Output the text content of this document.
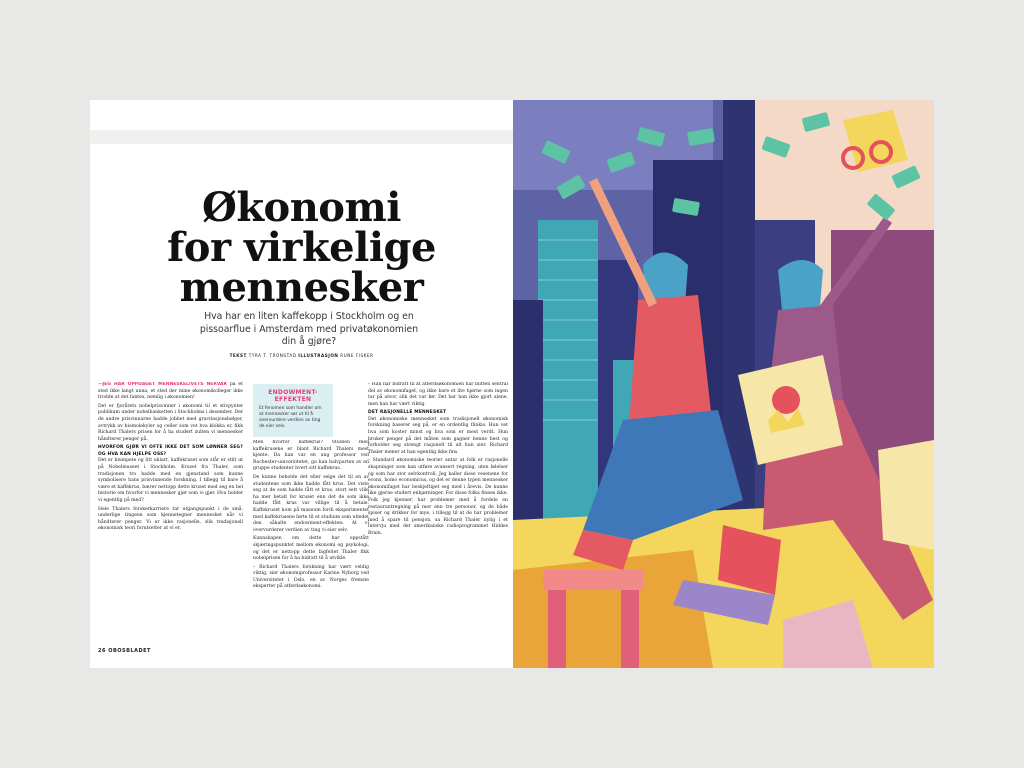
Økonomi
for virkelige
mennesker

Hva har en liten kaffekopp i Stockholm og en pissoarflue i Amsterdam med privatøkonomien din å gjøre?

TEKST TYRA T. TRONSTAD ILLUSTRASJON RUNE FISKER

—JEG HAR OPPDAGET MENNESKELIVETS NERVAR på et sted ikke langt unna, et sted der mine økonomikolleger ikke trodde at det fantes, nemlig i økonomien!

Det er fjorårets nobelprisvinner i økonomi til et stivpyntet publikum under nobelbanketten i Stockholms i desember. Der de andre prisvinnarne hadde jobbet med gravitasjonsbølger, avtrykk av biomolekyler og celler som vet hva klokka er, fikk Richard Thalers prisen for å ha studert zulten vi mennesker håndterer penger på.

HVORFOR GJØR VI OFTE IKKE DET SOM LØNNER SEG? OG HVA KAN HJELPE OSS?

Det er klumpete og litt uklart, kaffekruset som står er stilt ut på Nobelmuseet i Stockholm. Kruset fra Thaler, som tradisjonen tro hadde med en gjenstand som kunne symbolisere hans prisvinnende forskning. I tillegg til bare å være et kaffekrus, bærer nettopp dette kruset med seg en hel historie om hvorfor vi mennesker gjør som vi gjør. Hva holder vi egentlig på med?

Hele Thalers forskerkarriere tar utgangspunkt i de små, underlige tingene som kjennetegner mennesket når vi håndterer penger. Vi er ikke rasjonelle, slik tradisjonell økonomisk teori forutsetter at vi er.

ENDOWMENT-EFFEKTEN

Et fenomen som handler om at mennesker sør ut til å overvurdere verdien av ting de eier selv.

Men hvorfor kaffekrus? Studien med kaffekrusene er blant Richard Thalers mest kjente. Da han var en ung professor ved Rochester-universitetet, ga han halvparten av en gruppe studenter hvert sitt kaffekrus.

De kunne beholde det eller selge det til en av studentene som ikke hadde fått krus. Det viste seg at de som hadde fått et krus, stort sett ville ha mer betalt for kruset enn det de som ikke hadde fått krus var villige til å betale. Kaffekruset kom på museum fordi eksperimentet med kaffekrusene førte til et studium som utledet den såkalte endowment-effekten: At vi overvurderer verdien av ting vi eier selv.

Kunnskapen om dette har oppstått skjæringspunktet mellom økonomi og psykologi, og det er nettopp dette fagfeltet Thaler fikk nobelprisen for å ha bidratt til å utvikle.

– Richard Thalers forskning har vært veldig viktig, sier økonomiprofessor Karine Nyborg ved Universitetet i Oslo, en av Norges fremste eksperter på atferdsøkonomi.

– Han har bidratt til at atferdsøkonomien har blitten sentral del av økonomifaget, og ikke bare et lite hjørne som ingen tar på alvor, slik det var før. Det har han ikke gjort alene, men han har vært viktig.

DET RASJONELLE MENNESKET

Det økonomiske mennesket som tradisjonell økonomisk forskning baserer seg på, er en ordentlig flinkis. Hun vet hva som koster minst og hva som er mest verdt. Hun bruker penger på det måten som gagner henne best og forholder seg strengt rasjonelt til alt hun sier. Richard Thaler mener at han egentlig ikke fins.

– Standard økonomiske teorier antar at folk er rasjonelle skapninger som kan utføre avansert regning, uten følelser og som har stor selvkontroll. Jeg kaller disse vesenene for econs, homo economicus, og det er denne typen mennesker økonomifaget har beskjeftiget seg med i årevis. De kunne like gjerne studert enhjørninger. For disse folka finnes ikke. Folk jeg kjenner, har problemer med å fordele en restaurantregning på mer enn tre personer, og de både spiser og drikker for mye, i tillegg til at de har problemer med å spare til pensjon, sa Richard Thaler nylig i et intervju med det amerikanske radioprogrammet Hiddes Brain.

26 OBOSBLADET
